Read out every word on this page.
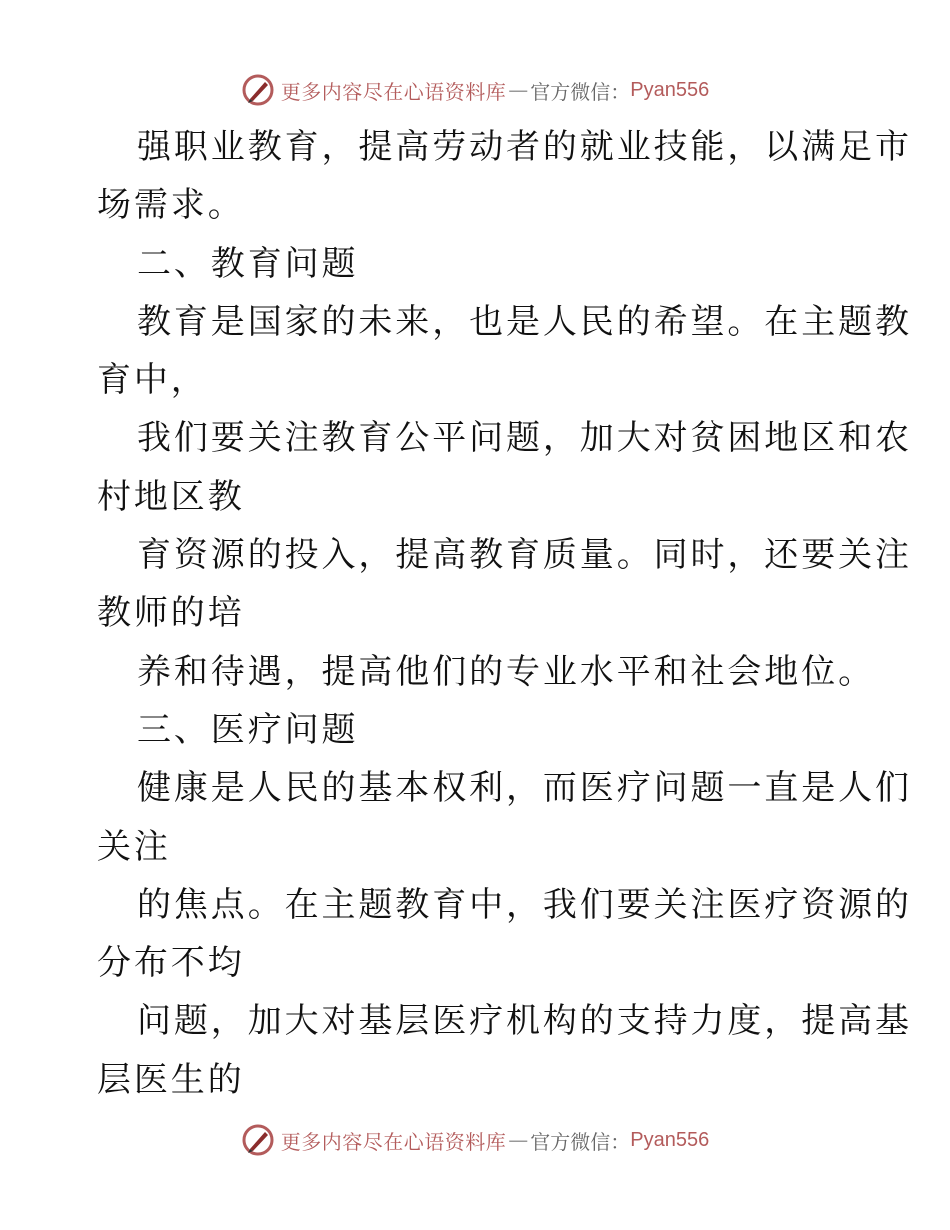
更多内容尽在心语资料库 — 官方微信： Pyan556
强职业教育，提高劳动者的就业技能，以满足市
场需求。
二、教育问题
教育是国家的未来，也是人民的希望。在主题教
育中，
我们要关注教育公平问题，加大对贫困地区和农
村地区教
育资源的投入，提高教育质量。同时，还要关注
教师的培
养和待遇，提高他们的专业水平和社会地位。
三、医疗问题
健康是人民的基本权利，而医疗问题一直是人们
关注
的焦点。在主题教育中，我们要关注医疗资源的
分布不均
问题，加大对基层医疗机构的支持力度，提高基
层医生的
更多内容尽在心语资料库 — 官方微信： Pyan556
